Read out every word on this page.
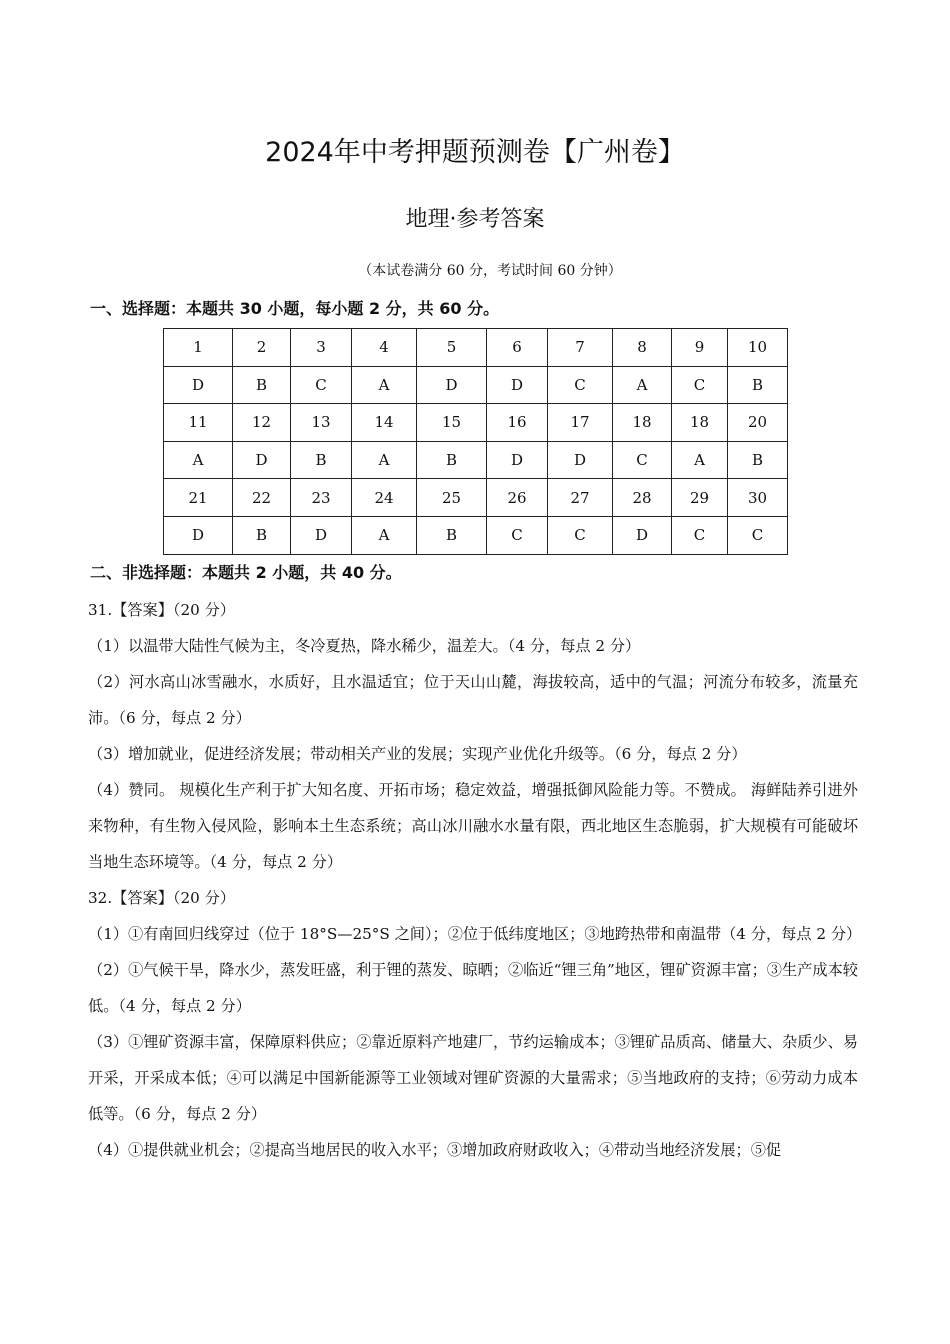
2024年中考押题预测卷【广州卷】
地理·参考答案
（本试卷满分 60 分，考试时间 60 分钟）
一、选择题：本题共 30 小题，每小题 2 分，共 60 分。
1	2	3	4	5	6	7	8	9	10
D	B	C	A	D	D	C	A	C	B
11	12	13	14	15	16	17	18	18	20
A	D	B	A	B	D	D	C	A	B
21	22	23	24	25	26	27	28	29	30
D	B	D	A	B	C	C	D	C	C
二、非选择题：本题共 2 小题，共 40 分。

31.【答案】（20 分）

（1）以温带大陆性气候为主，冬冷夏热，降水稀少，温差大。（4 分，每点 2 分）

（2）河水高山冰雪融水，水质好，且水温适宜；位于天山山麓，海拔较高，适中的气温；河流分布较多，流量充沛。（6 分，每点 2 分）

（3）增加就业，促进经济发展；带动相关产业的发展；实现产业优化升级等。（6 分，每点 2 分）

（4）赞同。 规模化生产利于扩大知名度、开拓市场；稳定效益，增强抵御风险能力等。不赞成。 海鲜陆养引进外来物种，有生物入侵风险，影响本土生态系统；高山冰川融水水量有限，西北地区生态脆弱，扩大规模有可能破坏当地生态环境等。（4 分，每点 2 分）

32.【答案】（20 分）

（1）①有南回归线穿过（位于 18°S—25°S 之间）；②位于低纬度地区；③地跨热带和南温带（4 分，每点 2 分）

（2）①气候干旱，降水少，蒸发旺盛，利于锂的蒸发、晾晒；②临近“锂三角”地区，锂矿资源丰富；③生产成本较低。（4 分，每点 2 分）

（3）①锂矿资源丰富，保障原料供应；②靠近原料产地建厂，节约运输成本；③锂矿品质高、储量大、杂质少、易开采，开采成本低；④可以满足中国新能源等工业领域对锂矿资源的大量需求；⑤当地政府的支持；⑥劳动力成本低等。（6 分，每点 2 分）

（4）①提供就业机会；②提高当地居民的收入水平；③增加政府财政收入；④带动当地经济发展；⑤促
